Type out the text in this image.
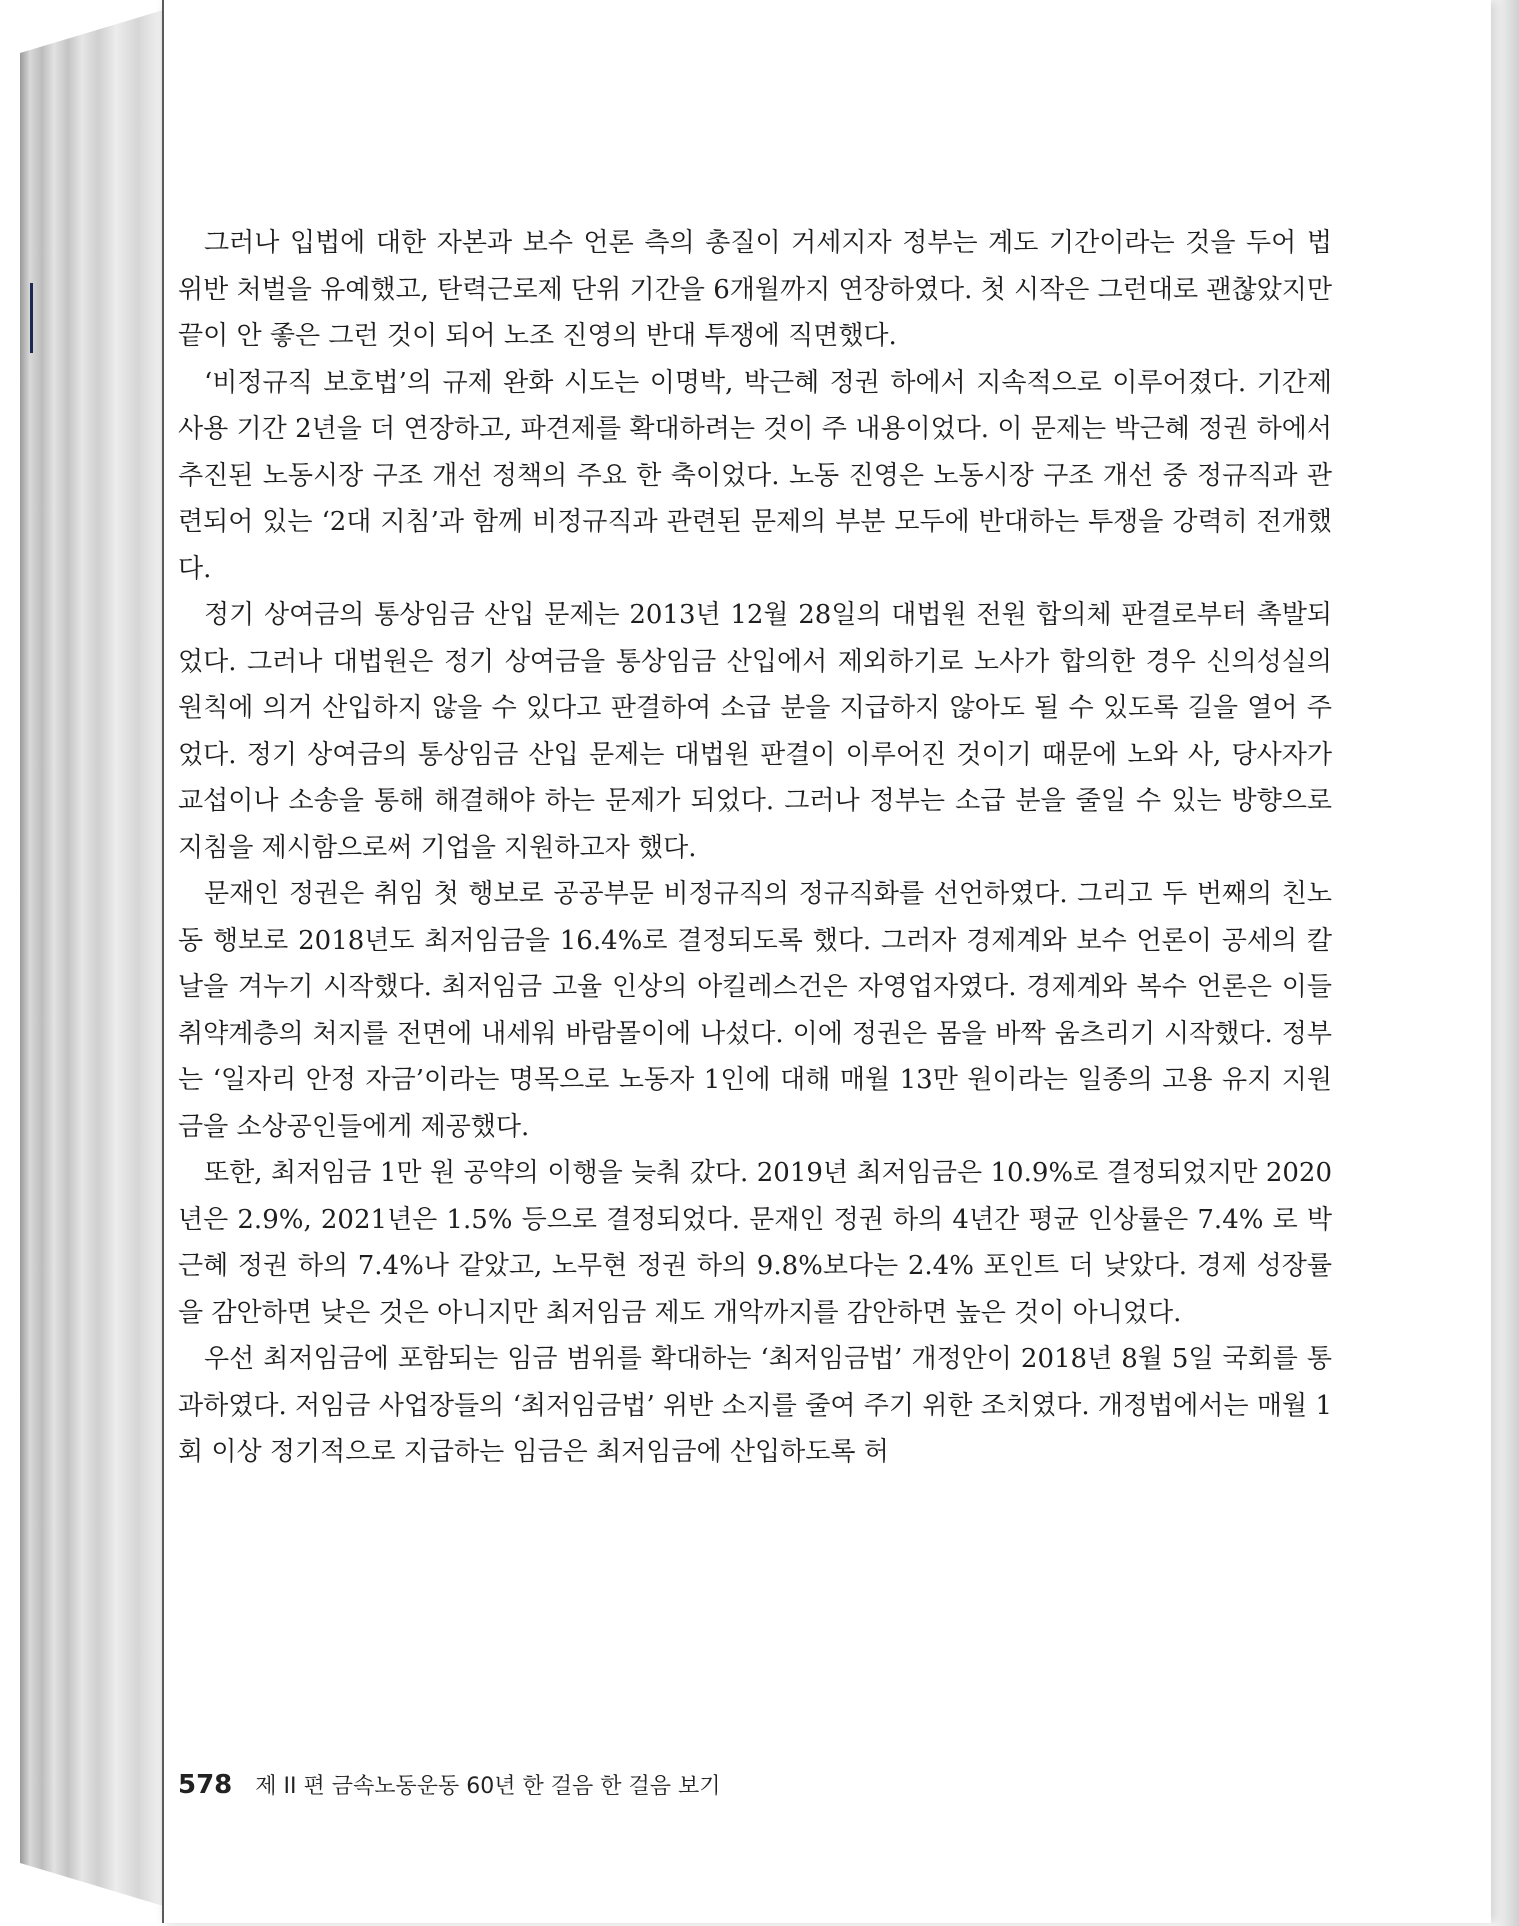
그러나 입법에 대한 자본과 보수 언론 측의 총질이 거세지자 정부는 계도 기간이라는 것을 두어 법 위반 처벌을 유예했고, 탄력근로제 단위 기간을 6개월까지 연장하였다. 첫 시작은 그런대로 괜찮았지만 끝이 안 좋은 그런 것이 되어 노조 진영의 반대 투쟁에 직면했다.

‘비정규직 보호법’의 규제 완화 시도는 이명박, 박근혜 정권 하에서 지속적으로 이루어졌다. 기간제 사용 기간 2년을 더 연장하고, 파견제를 확대하려는 것이 주 내용이었다. 이 문제는 박근혜 정권 하에서 추진된 노동시장 구조 개선 정책의 주요 한 축이었다. 노동 진영은 노동시장 구조 개선 중 정규직과 관련되어 있는 ‘2대 지침’과 함께 비정규직과 관련된 문제의 부분 모두에 반대하는 투쟁을 강력히 전개했다.

정기 상여금의 통상임금 산입 문제는 2013년 12월 28일의 대법원 전원 합의체 판결로부터 촉발되었다. 그러나 대법원은 정기 상여금을 통상임금 산입에서 제외하기로 노사가 합의한 경우 신의성실의 원칙에 의거 산입하지 않을 수 있다고 판결하여 소급 분을 지급하지 않아도 될 수 있도록 길을 열어 주었다. 정기 상여금의 통상임금 산입 문제는 대법원 판결이 이루어진 것이기 때문에 노와 사, 당사자가 교섭이나 소송을 통해 해결해야 하는 문제가 되었다. 그러나 정부는 소급 분을 줄일 수 있는 방향으로 지침을 제시함으로써 기업을 지원하고자 했다.

문재인 정권은 취임 첫 행보로 공공부문 비정규직의 정규직화를 선언하였다. 그리고 두 번째의 친노동 행보로 2018년도 최저임금을 16.4%로 결정되도록 했다. 그러자 경제계와 보수 언론이 공세의 칼날을 겨누기 시작했다. 최저임금 고율 인상의 아킬레스건은 자영업자였다. 경제계와 복수 언론은 이들 취약계층의 처지를 전면에 내세워 바람몰이에 나섰다. 이에 정권은 몸을 바짝 움츠리기 시작했다. 정부는 ‘일자리 안정 자금’이라는 명목으로 노동자 1인에 대해 매월 13만 원이라는 일종의 고용 유지 지원금을 소상공인들에게 제공했다.

또한, 최저임금 1만 원 공약의 이행을 늦춰 갔다. 2019년 최저임금은 10.9%로 결정되었지만 2020년은 2.9%, 2021년은 1.5% 등으로 결정되었다. 문재인 정권 하의 4년간 평균 인상률은 7.4% 로 박근혜 정권 하의 7.4%나 같았고, 노무현 정권 하의 9.8%보다는 2.4% 포인트 더 낮았다. 경제 성장률을 감안하면 낮은 것은 아니지만 최저임금 제도 개악까지를 감안하면 높은 것이 아니었다.

우선 최저임금에 포함되는 임금 범위를 확대하는 ‘최저임금법’ 개정안이 2018년 8월 5일 국회를 통과하였다. 저임금 사업장들의 ‘최저임금법’ 위반 소지를 줄여 주기 위한 조치였다. 개정법에서는 매월 1회 이상 정기적으로 지급하는 임금은 최저임금에 산입하도록 허

578 제 II 편 금속노동운동 60년 한 걸음 한 걸음 보기
